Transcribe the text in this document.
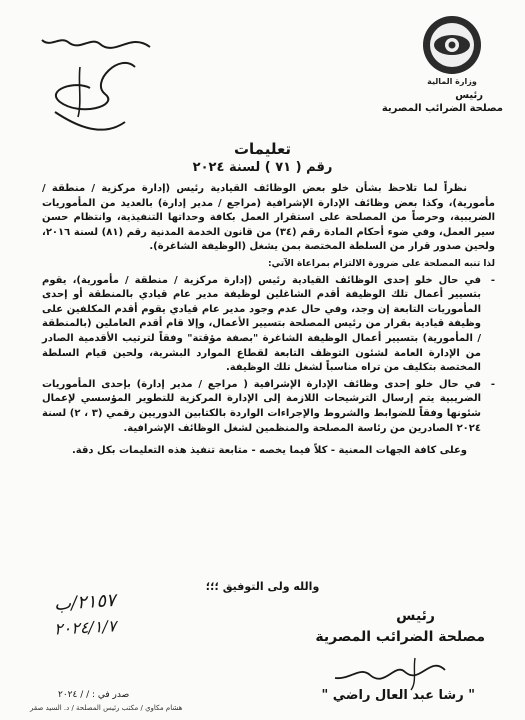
وزارة المالية
رئيس
مصلحة الضرائب المصرية
تعليمات
رقم ( ٧١ ) لسنة ٢٠٢٤

نظراً لما تلاحظ بشأن خلو بعض الوظائف القيادية رئيس (إدارة مركزية / منطقة / مأمورية)، وكذا بعض وظائف الإدارة الإشرافية (مراجع / مدير إدارة) بالعديد من المأموريات الضريبية، وحرصاً من المصلحة على استقرار العمل بكافة وحداتها التنفيذية، وانتظام حسن سير العمل، وفي ضوء أحكام المادة رقم (٣٤) من قانون الخدمة المدنية رقم (٨١) لسنة ٢٠١٦، ولحين صدور قرار من السلطة المختصة بمن يشغل (الوظيفة الشاغرة).

لذا تنبه المصلحة على ضرورة الالتزام بمراعاة الآتي:

- في حال خلو إحدى الوظائف القيادية رئيس (إدارة مركزية / منطقة / مأمورية)، يقوم بتسيير أعمال تلك الوظيفة أقدم الشاغلين لوظيفة مدير عام قيادي بالمنطقة أو إحدى المأموريات التابعة إن وجد، وفي حال عدم وجود مدير عام قيادي يقوم أقدم المكلفين على وظيفة قيادية بقرار من رئيس المصلحة بتسيير الأعمال، وإلا قام أقدم العاملين (بالمنطقة / المأمورية) بتسيير أعمال الوظيفة الشاغرة "بصفة مؤقتة" وفقاً لترتيب الأقدمية الصادر من الإدارة العامة لشئون التوظف التابعة لقطاع الموارد البشرية، ولحين قيام السلطة المختصة بتكليف من تراه مناسباً لشغل تلك الوظيفة.

- في حال خلو إحدى وظائف الإدارة الإشرافية ( مراجع / مدير إدارة) بإحدى المأموريات الضريبية يتم إرسال الترشيحات اللازمة إلى الإدارة المركزية للتطوير المؤسسي لإعمال شئونها وفقاً للضوابط والشروط والإجراءات الواردة بالكتابين الدوريين رقمي (٣ ، ٢) لسنة ٢٠٢٤ الصادرين من رئاسة المصلحة والمنظمين لشغل الوظائف الإشرافية.

وعلى كافة الجهات المعنية - كلاً فيما يخصه - متابعة تنفيذ هذه التعليمات بكل دقة.

والله ولى التوفيق ؛؛؛
٢١٥٧/ب
٢٠٢٤/١/٧
رئيس
مصلحة الضرائب المصرية
" رشا عبد العال راضي "
صدر في : / / ٢٠٢٤
هشام مكاوي / مكتب رئيس المصلحة / د. السيد صقر
